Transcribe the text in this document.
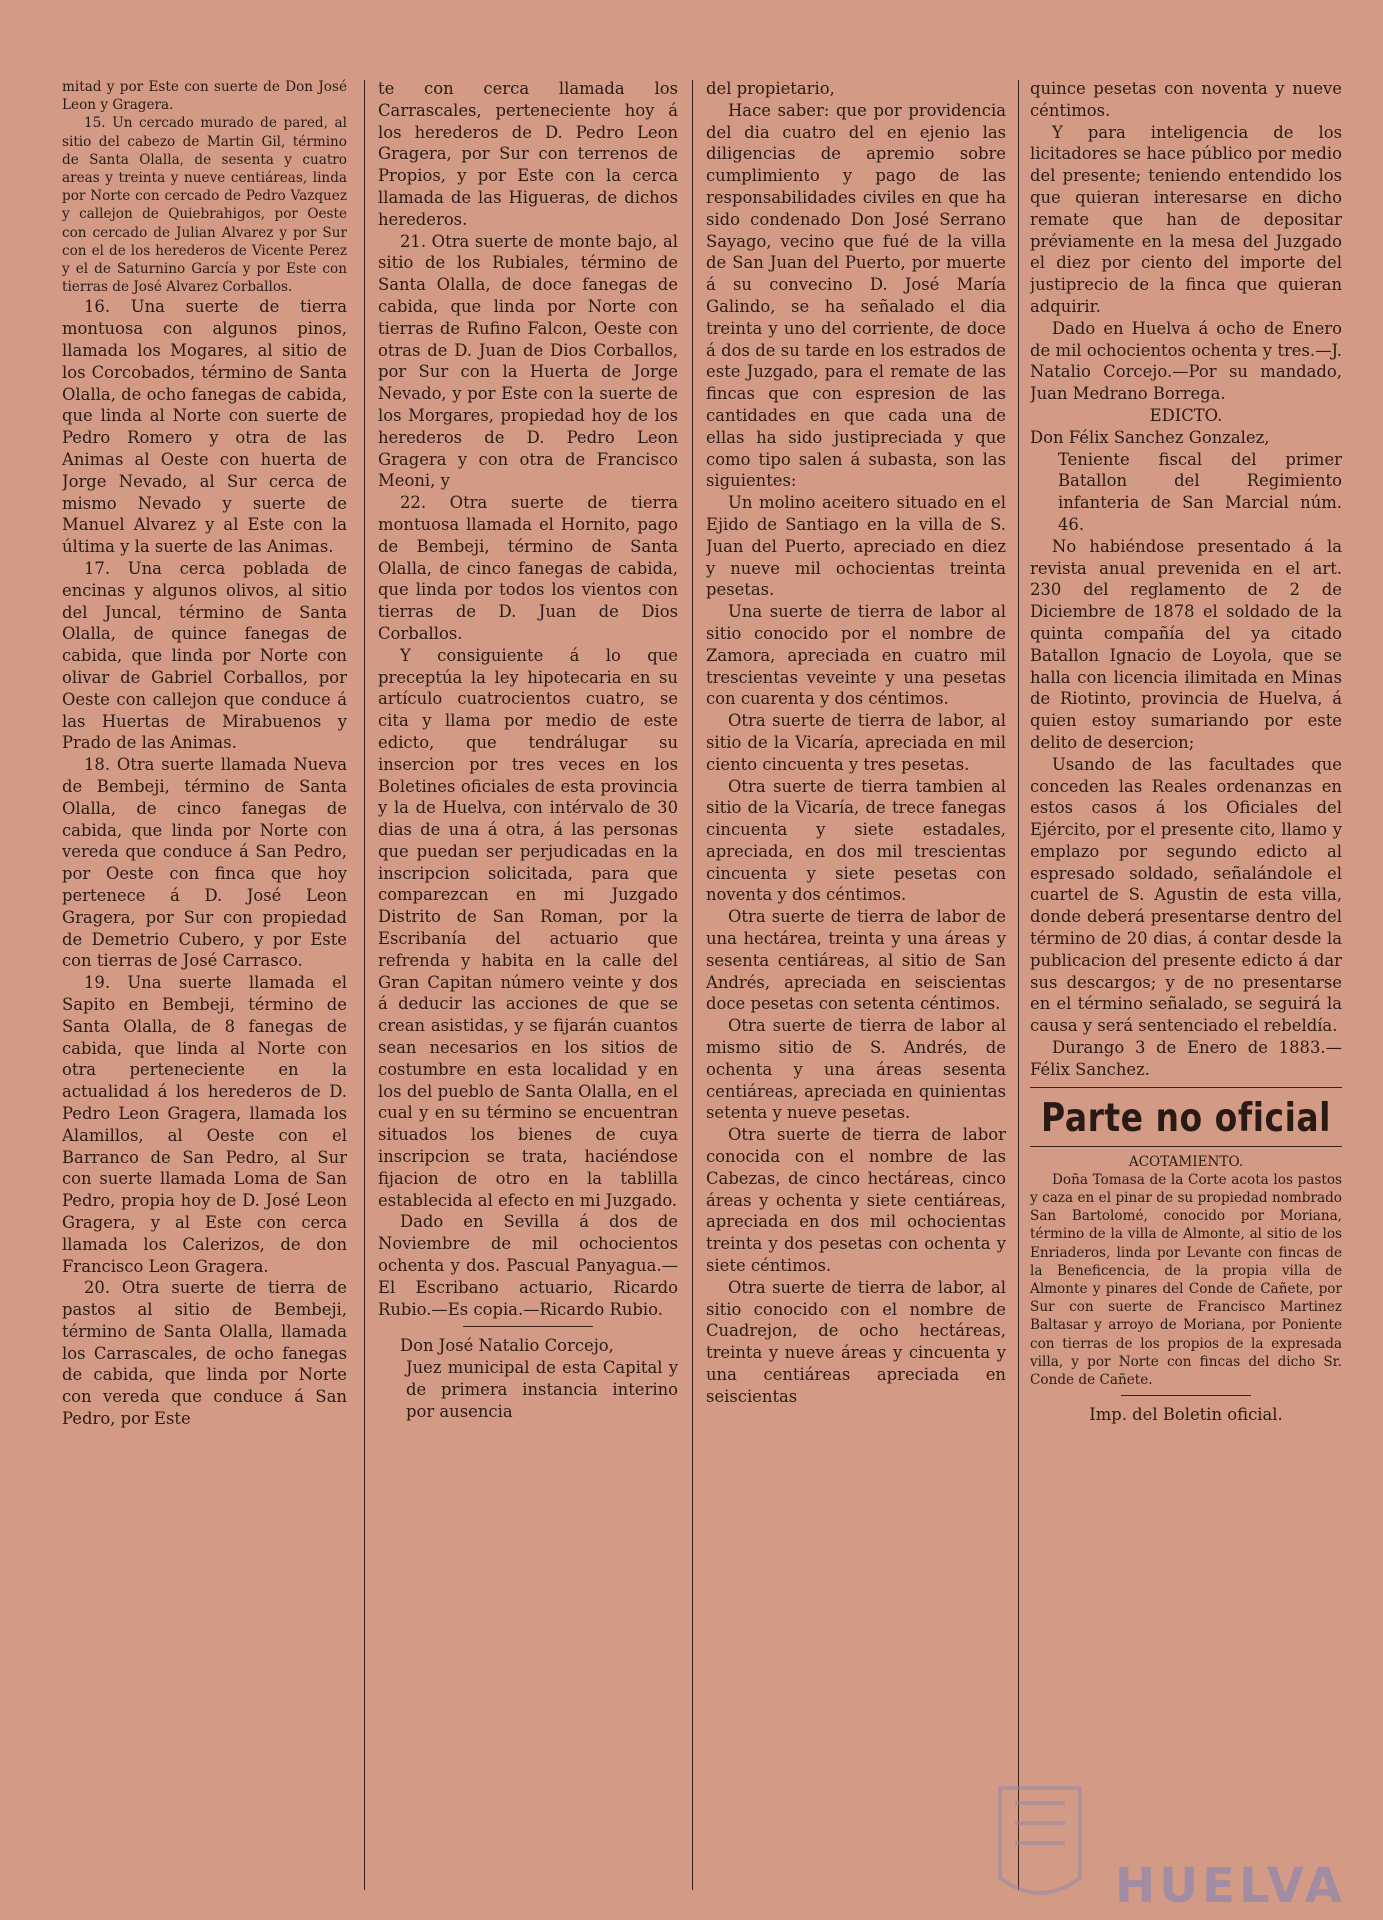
mitad y por Este con suerte de Don José Leon y Gragera.

15. Un cercado murado de pared, al sitio del cabezo de Martin Gil, término de Santa Olalla, de sesenta y cuatro areas y treinta y nueve centiáreas, linda por Norte con cercado de Pedro Vazquez y callejon de Quiebrahigos, por Oeste con cercado de Julian Alvarez y por Sur con el de los herederos de Vicente Perez y el de Saturnino García y por Este con tierras de José Alvarez Corballos.

16. Una suerte de tierra montuosa con algunos pinos, llamada los Mogares, al sitio de los Corcobados, término de Santa Olalla, de ocho fanegas de cabida, que linda al Norte con suerte de Pedro Romero y otra de las Animas al Oeste con huerta de Jorge Nevado, al Sur cerca de mismo Nevado y suerte de Manuel Alvarez y al Este con la última y la suerte de las Animas.

17. Una cerca poblada de encinas y algunos olivos, al sitio del Juncal, término de Santa Olalla, de quince fanegas de cabida, que linda por Norte con olivar de Gabriel Corballos, por Oeste con callejon que conduce á las Huertas de Mirabuenos y Prado de las Animas.

18. Otra suerte llamada Nueva de Bembeji, término de Santa Olalla, de cinco fanegas de cabida, que linda por Norte con vereda que conduce á San Pedro, por Oeste con finca que hoy pertenece á D. José Leon Gragera, por Sur con propiedad de Demetrio Cubero, y por Este con tierras de José Carrasco.

19. Una suerte llamada el Sapito en Bembeji, término de Santa Olalla, de 8 fanegas de cabida, que linda al Norte con otra perteneciente en la actualidad á los herederos de D. Pedro Leon Gragera, llamada los Alamillos, al Oeste con el Barranco de San Pedro, al Sur con suerte llamada Loma de San Pedro, propia hoy de D. José Leon Gragera, y al Este con cerca llamada los Calerizos, de don Francisco Leon Gragera.

20. Otra suerte de tierra de pastos al sitio de Bembeji, término de Santa Olalla, llamada los Carrascales, de ocho fanegas de cabida, que linda por Norte con vereda que conduce á San Pedro, por Este

te con cerca llamada los Carrascales, perteneciente hoy á los herederos de D. Pedro Leon Gragera, por Sur con terrenos de Propios, y por Este con la cerca llamada de las Higueras, de dichos herederos.

21. Otra suerte de monte bajo, al sitio de los Rubiales, término de Santa Olalla, de doce fanegas de cabida, que linda por Norte con tierras de Rufino Falcon, Oeste con otras de D. Juan de Dios Corballos, por Sur con la Huerta de Jorge Nevado, y por Este con la suerte de los Morgares, propiedad hoy de los herederos de D. Pedro Leon Gragera y con otra de Francisco Meoni, y

22. Otra suerte de tierra montuosa llamada el Hornito, pago de Bembeji, término de Santa Olalla, de cinco fanegas de cabida, que linda por todos los vientos con tierras de D. Juan de Dios Corballos.

Y consiguiente á lo que preceptúa la ley hipotecaria en su artículo cuatrocientos cuatro, se cita y llama por medio de este edicto, que tendrálugar su insercion por tres veces en los Boletines oficiales de esta provincia y la de Huelva, con intérvalo de 30 dias de una á otra, á las personas que puedan ser perjudicadas en la inscripcion solicitada, para que comparezcan en mi Juzgado Distrito de San Roman, por la Escribanía del actuario que refrenda y habita en la calle del Gran Capitan número veinte y dos á deducir las acciones de que se crean asistidas, y se fijarán cuantos sean necesarios en los sitios de costumbre en esta localidad y en los del pueblo de Santa Olalla, en el cual y en su término se encuentran situados los bienes de cuya inscripcion se trata, haciéndose fijacion de otro en la tablilla establecida al efecto en mi Juzgado.

Dado en Sevilla á dos de Noviembre de mil ochocientos ochenta y dos. Pascual Panyagua.—El Escribano actuario, Ricardo Rubio.—Es copia.—Ricardo Rubio.

Don José Natalio Corcejo,

Juez municipal de esta Capital y de primera instancia interino por ausencia

del propietario,

Hace saber: que por providencia del dia cuatro del en ejenio las diligencias de apremio sobre cumplimiento y pago de las responsabilidades civiles en que ha sido condenado Don José Serrano Sayago, vecino que fué de la villa de San Juan del Puerto, por muerte á su convecino D. José María Galindo, se ha señalado el dia treinta y uno del corriente, de doce á dos de su tarde en los estrados de este Juzgado, para el remate de las fincas que con espresion de las cantidades en que cada una de ellas ha sido justipreciada y que como tipo salen á subasta, son las siguientes:

Un molino aceitero situado en el Ejido de Santiago en la villa de S. Juan del Puerto, apreciado en diez y nueve mil ochocientas treinta pesetas.

Una suerte de tierra de labor al sitio conocido por el nombre de Zamora, apreciada en cuatro mil trescientas veveinte y una pesetas con cuarenta y dos céntimos.

Otra suerte de tierra de labor, al sitio de la Vicaría, apreciada en mil ciento cincuenta y tres pesetas.

Otra suerte de tierra tambien al sitio de la Vicaría, de trece fanegas cincuenta y siete estadales, apreciada, en dos mil trescientas cincuenta y siete pesetas con noventa y dos céntimos.

Otra suerte de tierra de labor de una hectárea, treinta y una áreas y sesenta centiáreas, al sitio de San Andrés, apreciada en seiscientas doce pesetas con setenta céntimos.

Otra suerte de tierra de labor al mismo sitio de S. Andrés, de ochenta y una áreas sesenta centiáreas, apreciada en quinientas setenta y nueve pesetas.

Otra suerte de tierra de labor conocida con el nombre de las Cabezas, de cinco hectáreas, cinco áreas y ochenta y siete centiáreas, apreciada en dos mil ochocientas treinta y dos pesetas con ochenta y siete céntimos.

Otra suerte de tierra de labor, al sitio conocido con el nombre de Cuadrejon, de ocho hectáreas, treinta y nueve áreas y cincuenta y una centiáreas apreciada en seiscientas

quince pesetas con noventa y nueve céntimos.

Y para inteligencia de los licitadores se hace público por medio del presente; teniendo entendido los que quieran interesarse en dicho remate que han de depositar préviamente en la mesa del Juzgado el diez por ciento del importe del justiprecio de la finca que quieran adquirir.

Dado en Huelva á ocho de Enero de mil ochocientos ochenta y tres.—J. Natalio Corcejo.—Por su mandado, Juan Medrano Borrega.

EDICTO.

Don Félix Sanchez Gonzalez,

Teniente fiscal del primer Batallon del Regimiento infanteria de San Marcial núm. 46.

No habiéndose presentado á la revista anual prevenida en el art. 230 del reglamento de 2 de Diciembre de 1878 el soldado de la quinta compañía del ya citado Batallon Ignacio de Loyola, que se halla con licencia ilimitada en Minas de Riotinto, provincia de Huelva, á quien estoy sumariando por este delito de desercion;

Usando de las facultades que conceden las Reales ordenanzas en estos casos á los Oficiales del Ejército, por el presente cito, llamo y emplazo por segundo edicto al espresado soldado, señalándole el cuartel de S. Agustin de esta villa, donde deberá presentarse dentro del término de 20 dias, á contar desde la publicacion del presente edicto á dar sus descargos; y de no presentarse en el término señalado, se seguirá la causa y será sentenciado el rebeldía.

Durango 3 de Enero de 1883.—Félix Sanchez.

Parte no oficial

ACOTAMIENTO.

Doña Tomasa de la Corte acota los pastos y caza en el pinar de su propiedad nombrado San Bartolomé, conocido por Moriana, término de la villa de Almonte, al sitio de los Enriaderos, linda por Levante con fincas de la Beneficencia, de la propia villa de Almonte y pinares del Conde de Cañete, por Sur con suerte de Francisco Martinez Baltasar y arroyo de Moriana, por Poniente con tierras de los propios de la expresada villa, y por Norte con fincas del dicho Sr. Conde de Cañete.

Imp. del Boletin oficial.

HUELVA
